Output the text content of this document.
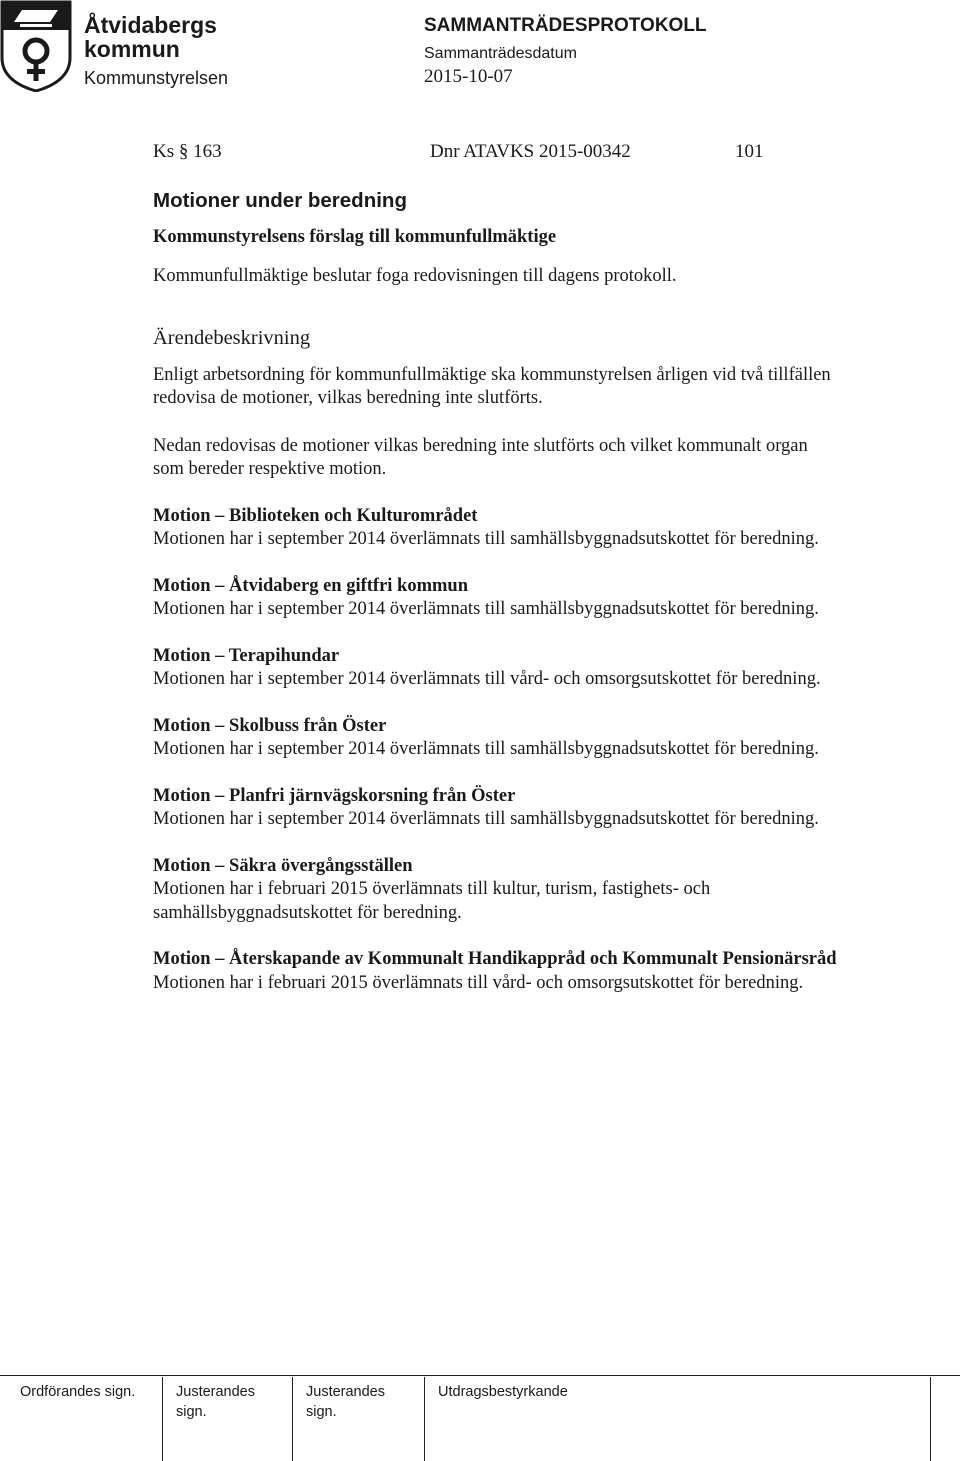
Åtvidabergs
kommun
Kommunstyrelsen
SAMMANTRÄDESPROTOKOLL
Sammanträdesdatum
2015-10-07
Ks § 163	Dnr ATAVKS 2015-00342	101
Motioner under beredning
Kommunstyrelsens förslag till kommunfullmäktige

Kommunfullmäktige beslutar foga redovisningen till dagens protokoll.

Ärendebeskrivning

Enligt arbetsordning för kommunfullmäktige ska kommunstyrelsen årligen vid två tillfällen redovisa de motioner, vilkas beredning inte slutförts.

Nedan redovisas de motioner vilkas beredning inte slutförts och vilket kommunalt organ som bereder respektive motion.

Motion – Biblioteken och Kulturområdet
Motionen har i september 2014 överlämnats till samhällsbyggnadsutskottet för beredning.
Motion – Åtvidaberg en giftfri kommun
Motionen har i september 2014 överlämnats till samhällsbyggnadsutskottet för beredning.
Motion – Terapihundar
Motionen har i september 2014 överlämnats till vård- och omsorgsutskottet för beredning.
Motion – Skolbuss från Öster
Motionen har i september 2014 överlämnats till samhällsbyggnadsutskottet för beredning.
Motion – Planfri järnvägskorsning från Öster
Motionen har i september 2014 överlämnats till samhällsbyggnadsutskottet för beredning.
Motion – Säkra övergångsställen
Motionen har i februari 2015 överlämnats till kultur, turism, fastighets- och samhällsbyggnadsutskottet för beredning.
Motion – Återskapande av Kommunalt Handikappråd och Kommunalt Pensionärsråd
Motionen har i februari 2015 överlämnats till vård- och omsorgsutskottet för beredning.
Ordförandes sign.	Justerandes sign.
Justerandes sign.
Utdragsbestyrkande
